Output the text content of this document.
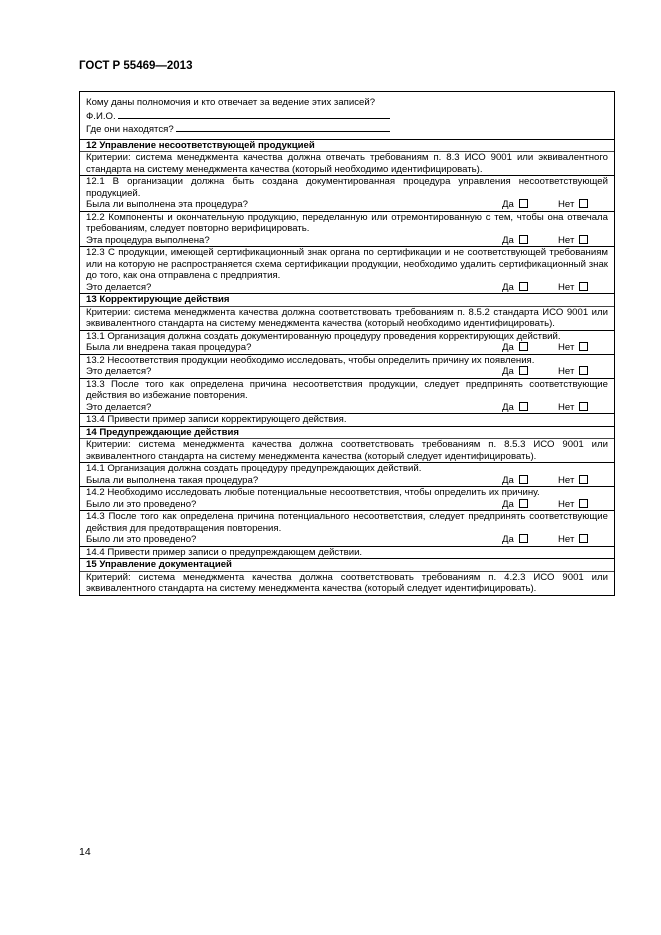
ГОСТ Р 55469—2013
Кому даны полномочия и кто отвечает за ведение этих записей?
Ф.И.О.
Где они находятся?

12 Управление несоответствующей продукцией
Критерии: система менеджмента качества должна отвечать требованиям п. 8.3 ИСО 9001 или эквивалентного стандарта на систему менеджмента качества (который необходимо идентифицировать).
12.1 В организации должна быть создана документированная процедура управления несоответствующей продукцией.

Была ли выполнена эта процедура?	Да	Нет

12.2 Компоненты и окончательную продукцию, переделанную или отремонтированную с тем, чтобы она отвечала требованиям, следует повторно верифицировать.

Эта процедура выполнена?	Да	Нет

12.3 С продукции, имеющей сертификационный знак органа по сертификации и не соответствующей требованиям или на которую не распространяется схема сертификации продукции, необходимо удалить сертификационный знак до того, как она отправлена с предприятия.

Это делается?	Да	Нет

13 Корректирующие действия
Критерии: система менеджмента качества должна соответствовать требованиям п. 8.5.2 стандарта ИСО 9001 или эквивалентного стандарта на систему менеджмента качества (который необходимо идентифицировать).
13.1 Организация должна создать документированную процедуру проведения корректирующих действий.

Была ли внедрена такая процедура?	Да	Нет

13.2 Несоответствия продукции необходимо исследовать, чтобы определить причину их появления.

Это делается?	Да	Нет

13.3 После того как определена причина несоответствия продукции, следует предпринять соответствующие действия во избежание повторения.

Это делается?	Да	Нет

13.4 Привести пример записи корректирующего действия.
14 Предупреждающие действия
Критерии: система менеджмента качества должна соответствовать требованиям п. 8.5.3 ИСО 9001 или эквивалентного стандарта на систему менеджмента качества (который следует идентифицировать).
14.1 Организация должна создать процедуру предупреждающих действий.

Была ли выполнена такая процедура?	Да	Нет

14.2 Необходимо исследовать любые потенциальные несоответствия, чтобы определить их причину.

Было ли это проведено?	Да	Нет

14.3 После того как определена причина потенциального несоответствия, следует предпринять соответствующие действия для предотвращения повторения.

Было ли это проведено?	Да	Нет

14.4 Привести пример записи о предупреждающем действии.
15 Управление документацией
Критерий: система менеджмента качества должна соответствовать требованиям п. 4.2.3 ИСО 9001 или эквивалентного стандарта на систему менеджмента качества (который следует идентифицировать).
14
